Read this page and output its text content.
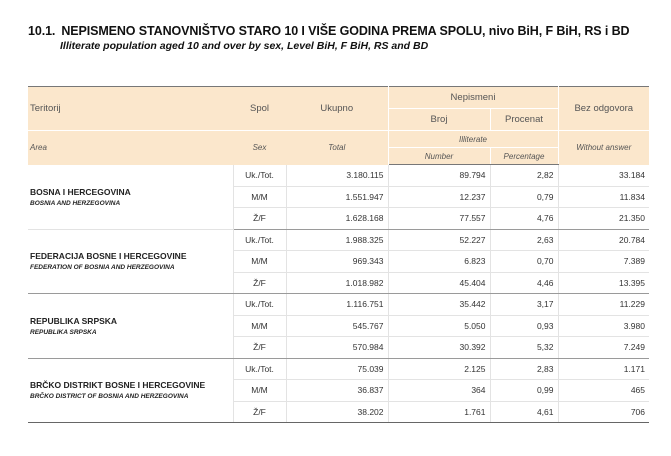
10.1. NEPISMENO STANOVNIŠTVO STARO 10 I VIŠE GODINA PREMA SPOLU, nivo BiH, F BiH, RS i BD
Illiterate population aged 10 and over by sex, Level BiH, F BiH, RS and BD
Teritorij	Spol	Ukupno	Nepismeni		Bez odgovora
			Broj	Procenat	
Area	Sex	Total	Illiterate		Without answer
			Number	Percentage	

BOSNA I HERCEGOVINA
BOSNIA AND HERZEGOVINA	Uk./Tot.	3.180.115	89.794	2,82	33.184
	M/M	1.551.947	12.237	0,79	11.834
	Ž/F	1.628.168	77.557	4,76	21.350

FEDERACIJA BOSNE I HERCEGOVINE
FEDERATION OF BOSNIA AND HERZEGOVINA	Uk./Tot.	1.988.325	52.227	2,63	20.784
	M/M	969.343	6.823	0,70	7.389
	Ž/F	1.018.982	45.404	4,46	13.395

REPUBLIKA SRPSKA
REPUBLIKA SRPSKA	Uk./Tot.	1.116.751	35.442	3,17	11.229
	M/M	545.767	5.050	0,93	3.980
	Ž/F	570.984	30.392	5,32	7.249

BRČKO DISTRIKT BOSNE I HERCEGOVINE
BRČKO DISTRICT OF BOSNIA AND HERZEGOVINA	Uk./Tot.	75.039	2.125	2,83	1.171
	M/M	36.837	364	0,99	465
	Ž/F	38.202	1.761	4,61	706
